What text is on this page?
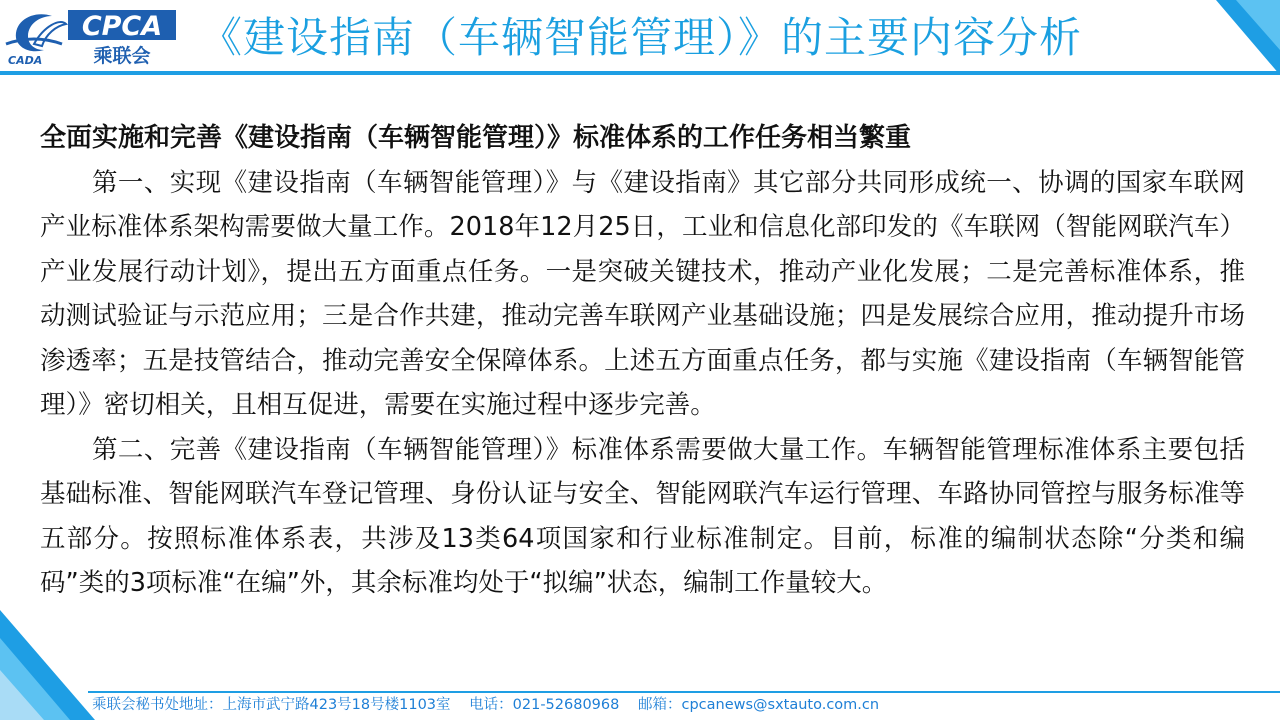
CADA
CPCA
乘联会 《建设指南（车辆智能管理）》的主要内容分析

全面实施和完善《建设指南（车辆智能管理）》标准体系的工作任务相当繁重

第一、实现《建设指南（车辆智能管理）》与《建设指南》其它部分共同形成统一、协调的国家车联网产业标准体系架构需要做大量工作。2018年12月25日，工业和信息化部印发的《车联网（智能网联汽车）产业发展行动计划》，提出五方面重点任务。一是突破关键技术，推动产业化发展；二是完善标准体系，推动测试验证与示范应用；三是合作共建，推动完善车联网产业基础设施；四是发展综合应用，推动提升市场渗透率；五是技管结合，推动完善安全保障体系。上述五方面重点任务，都与实施《建设指南（车辆智能管理）》密切相关，且相互促进，需要在实施过程中逐步完善。

第二、完善《建设指南（车辆智能管理）》标准体系需要做大量工作。车辆智能管理标准体系主要包括基础标准、智能网联汽车登记管理、身份认证与安全、智能网联汽车运行管理、车路协同管控与服务标准等五部分。按照标准体系表，共涉及13类64项国家和行业标准制定。目前，标准的编制状态除“分类和编码”类的3项标准“在编”外，其余标准均处于“拟编”状态，编制工作量较大。

乘联会秘书处地址：上海市武宁路423号18号楼1103室 电话：021-52680968 邮箱：cpcanews@sxtauto.com.cn
